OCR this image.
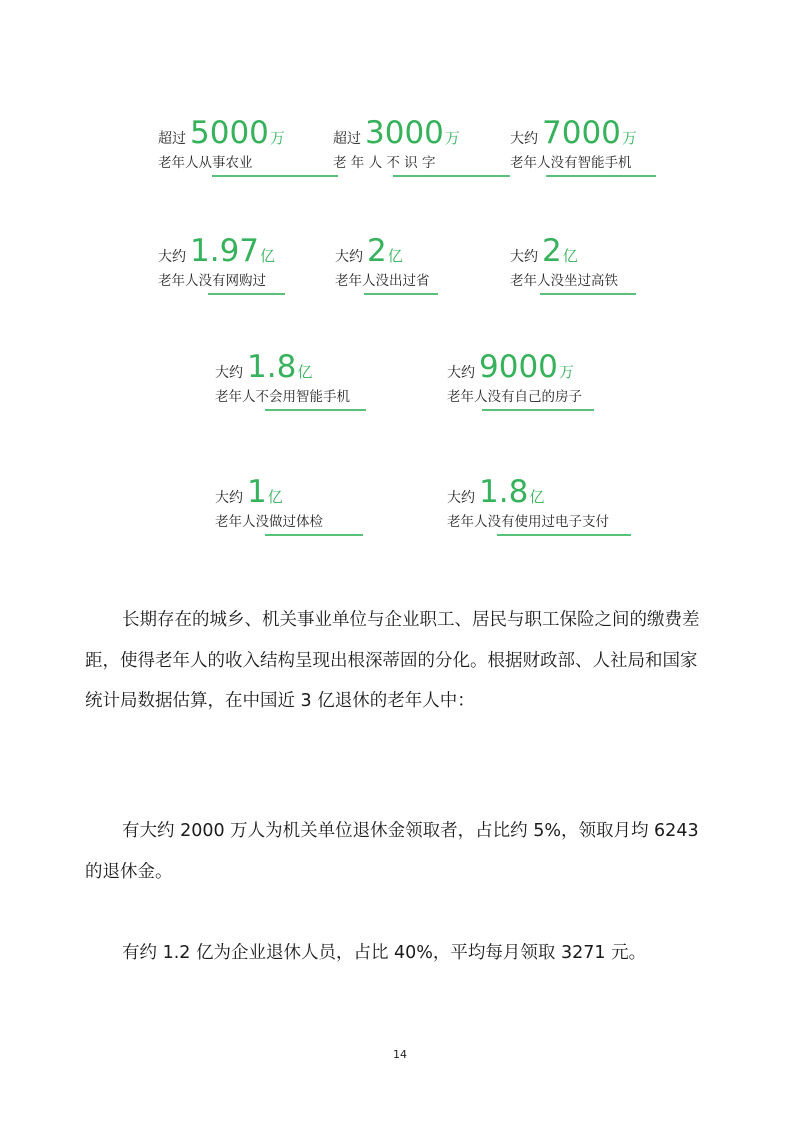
超过 5000万
老年人从事农业
超过 3000万
老 年 人 不 识 字
大约 7000万
老年人没有智能手机
大约 1.97亿
老年人没有网购过
大约 2亿
老年人没出过省
大约 2亿
老年人没坐过高铁
大约 1.8亿
老年人不会用智能手机
大约 9000万
老年人没有自己的房子
大约 1亿
老年人没做过体检
大约 1.8亿
老年人没有使用过电子支付

长期存在的城乡、机关事业单位与企业职工、居民与职工保险之间的缴费差距，使得老年人的收入结构呈现出根深蒂固的分化。根据财政部、人社局和国家统计局数据估算，在中国近 3 亿退休的老年人中：

有大约 2000 万人为机关单位退休金领取者，占比约 5%，领取月均 6243 的退休金。

有约 1.2 亿为企业退休人员，占比 40%，平均每月领取 3271 元。

14
